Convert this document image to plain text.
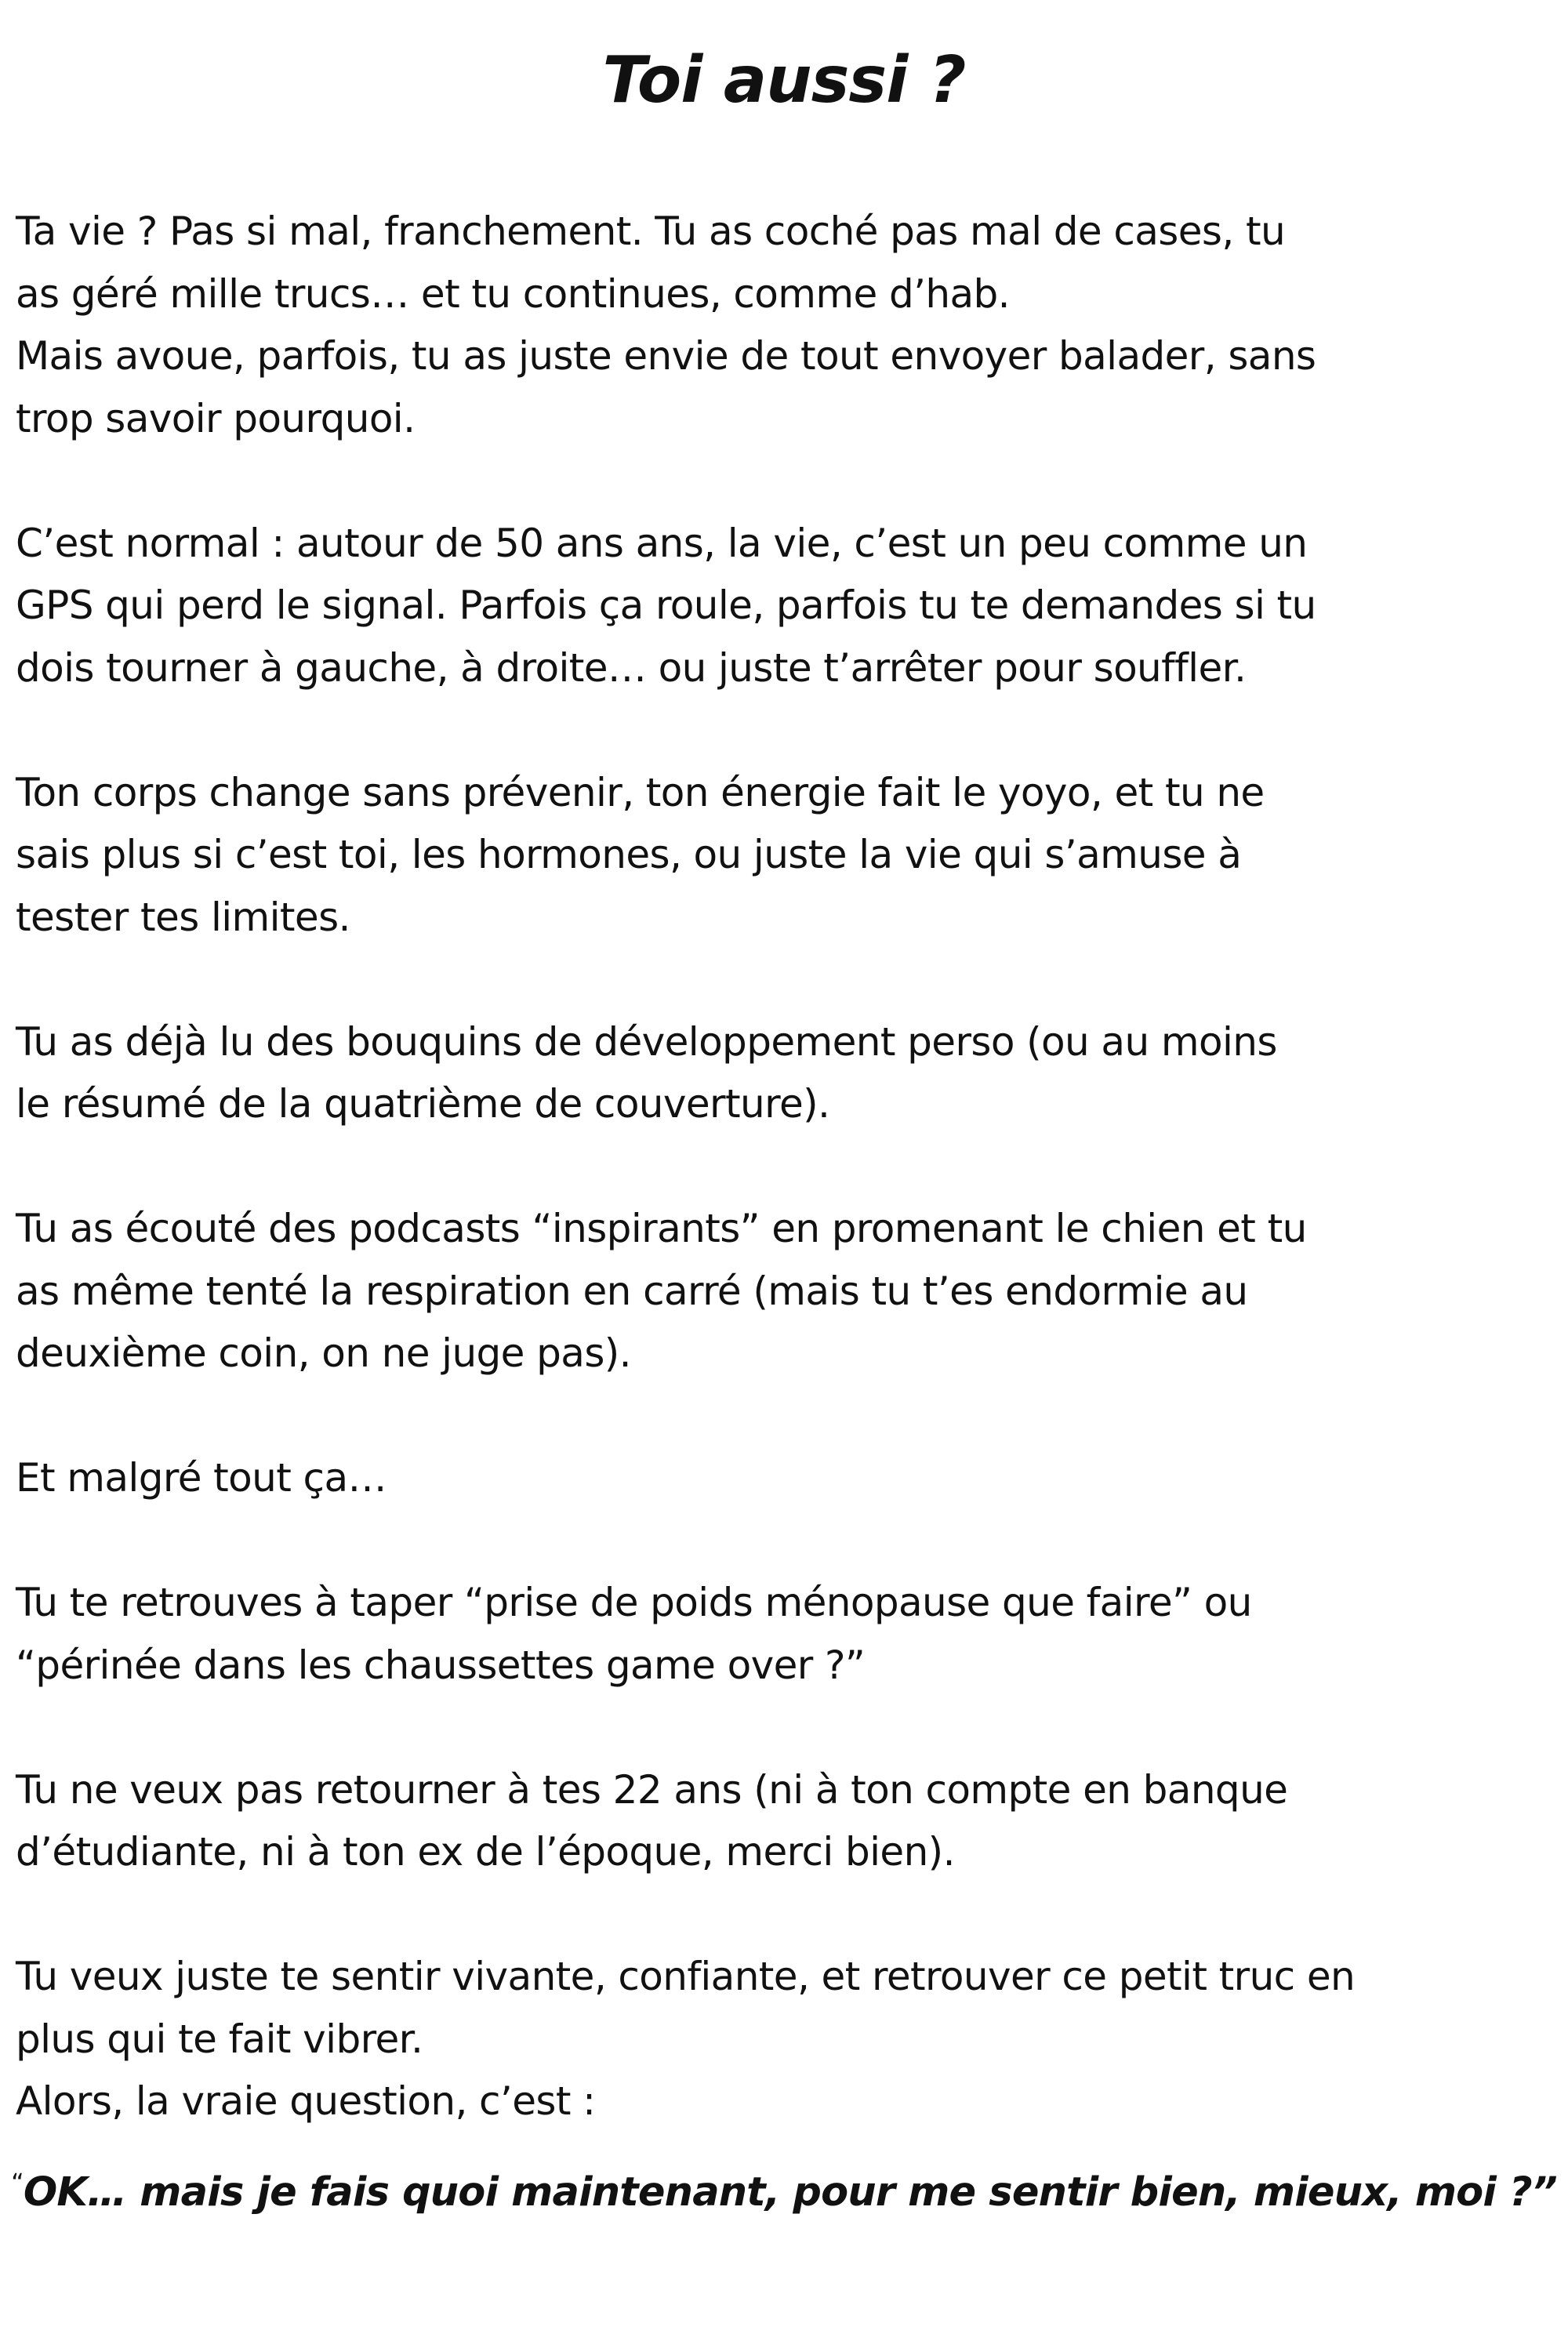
Toi aussi ?

Ta vie ? Pas si mal, franchement. Tu as coché pas mal de cases, tu
as géré mille trucs… et tu continues, comme d’hab.
Mais avoue, parfois, tu as juste envie de tout envoyer balader, sans
trop savoir pourquoi.

C’est normal : autour de 50 ans ans, la vie, c’est un peu comme un
GPS qui perd le signal. Parfois ça roule, parfois tu te demandes si tu
dois tourner à gauche, à droite… ou juste t’arrêter pour souffler.

Ton corps change sans prévenir, ton énergie fait le yoyo, et tu ne
sais plus si c’est toi, les hormones, ou juste la vie qui s’amuse à
tester tes limites.

Tu as déjà lu des bouquins de développement perso (ou au moins
le résumé de la quatrième de couverture).

Tu as écouté des podcasts “inspirants” en promenant le chien et tu
as même tenté la respiration en carré (mais tu t’es endormie au
deuxième coin, on ne juge pas).

Et malgré tout ça…

Tu te retrouves à taper “prise de poids ménopause que faire” ou
“périnée dans les chaussettes game over ?”

Tu ne veux pas retourner à tes 22 ans (ni à ton compte en banque
d’étudiante, ni à ton ex de l’époque, merci bien).

Tu veux juste te sentir vivante, confiante, et retrouver ce petit truc en
plus qui te fait vibrer.
Alors, la vraie question, c’est :

“OK… mais je fais quoi maintenant, pour me sentir bien, mieux, moi ?”
